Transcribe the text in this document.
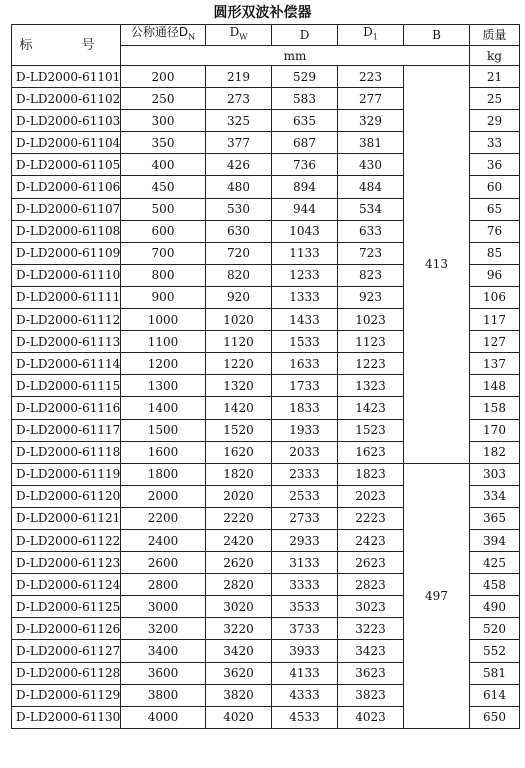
圆形双波补偿器
标　号	公称通径$D_N$	$D_W$	D	$D_1$	B	质量
	mm					kg
D-LD2000-61101	200	219	529	223	413	21
D-LD2000-61102	250	273	583	277		25
D-LD2000-61103	300	325	635	329		29
D-LD2000-61104	350	377	687	381		33
D-LD2000-61105	400	426	736	430		36
D-LD2000-61106	450	480	894	484		60
D-LD2000-61107	500	530	944	534		65
D-LD2000-61108	600	630	1043	633		76
D-LD2000-61109	700	720	1133	723		85
D-LD2000-61110	800	820	1233	823		96
D-LD2000-61111	900	920	1333	923		106
D-LD2000-61112	1000	1020	1433	1023		117
D-LD2000-61113	1100	1120	1533	1123		127
D-LD2000-61114	1200	1220	1633	1223		137
D-LD2000-61115	1300	1320	1733	1323		148
D-LD2000-61116	1400	1420	1833	1423		158
D-LD2000-61117	1500	1520	1933	1523		170
D-LD2000-61118	1600	1620	2033	1623		182
D-LD2000-61119	1800	1820	2333	1823	497	303
D-LD2000-61120	2000	2020	2533	2023		334
D-LD2000-61121	2200	2220	2733	2223		365
D-LD2000-61122	2400	2420	2933	2423		394
D-LD2000-61123	2600	2620	3133	2623		425
D-LD2000-61124	2800	2820	3333	2823		458
D-LD2000-61125	3000	3020	3533	3023		490
D-LD2000-61126	3200	3220	3733	3223		520
D-LD2000-61127	3400	3420	3933	3423		552
D-LD2000-61128	3600	3620	4133	3623		581
D-LD2000-61129	3800	3820	4333	3823		614
D-LD2000-61130	4000	4020	4533	4023		650
